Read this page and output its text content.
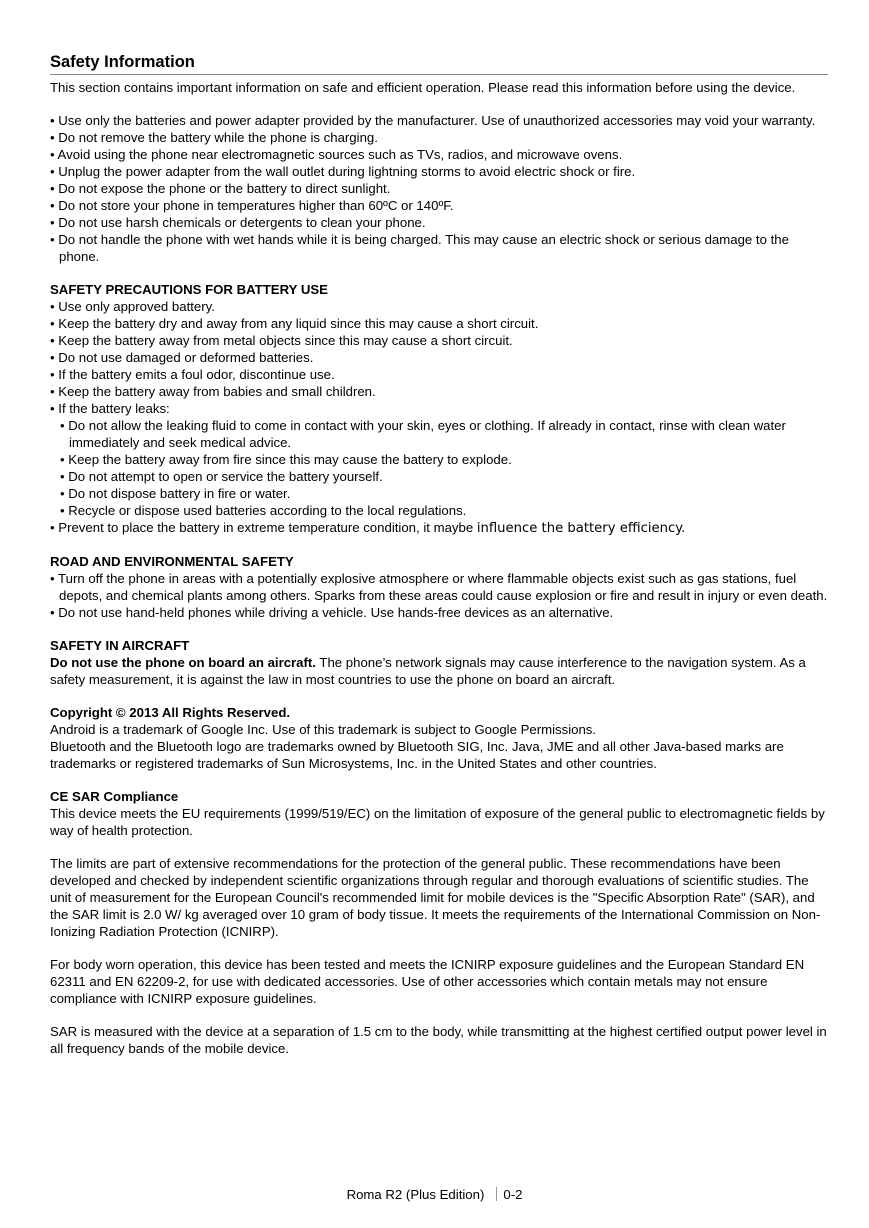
Safety Information

This section contains important information on safe and efficient operation. Please read this information before using the device.

• Use only the batteries and power adapter provided by the manufacturer. Use of unauthorized accessories may void your warranty.

• Do not remove the battery while the phone is charging.

• Avoid using the phone near electromagnetic sources such as TVs, radios, and microwave ovens.

• Unplug the power adapter from the wall outlet during lightning storms to avoid electric shock or fire.

• Do not expose the phone or the battery to direct sunlight.

• Do not store your phone in temperatures higher than 60ºC or 140ºF.

• Do not use harsh chemicals or detergents to clean your phone.

• Do not handle the phone with wet hands while it is being charged. This may cause an electric shock or serious damage to the phone.

SAFETY PRECAUTIONS FOR BATTERY USE

• Use only approved battery.

• Keep the battery dry and away from any liquid since this may cause a short circuit.

• Keep the battery away from metal objects since this may cause a short circuit.

• Do not use damaged or deformed batteries.

• If the battery emits a foul odor, discontinue use.

• Keep the battery away from babies and small children.

• If the battery leaks:

• Do not allow the leaking fluid to come in contact with your skin, eyes or clothing. If already in contact, rinse with clean water immediately and seek medical advice.

• Keep the battery away from fire since this may cause the battery to explode.

• Do not attempt to open or service the battery yourself.

• Do not dispose battery in fire or water.

• Recycle or dispose used batteries according to the local regulations.

• Prevent to place the battery in extreme temperature condition, it maybe influence the battery efficiency.

ROAD AND ENVIRONMENTAL SAFETY

• Turn off the phone in areas with a potentially explosive atmosphere or where flammable objects exist such as gas stations, fuel depots, and chemical plants among others. Sparks from these areas could cause explosion or fire and result in injury or even death.

• Do not use hand-held phones while driving a vehicle. Use hands-free devices as an alternative.

SAFETY IN AIRCRAFT

Do not use the phone on board an aircraft. The phone’s network signals may cause interference to the navigation system. As a safety measurement, it is against the law in most countries to use the phone on board an aircraft.

Copyright © 2013 All Rights Reserved.

Android is a trademark of Google Inc. Use of this trademark is subject to Google Permissions.

Bluetooth and the Bluetooth logo are trademarks owned by Bluetooth SIG, Inc. Java, JME and all other Java-based marks are trademarks or registered trademarks of Sun Microsystems, Inc. in the United States and other countries.

CE SAR Compliance

This device meets the EU requirements (1999/519/EC) on the limitation of exposure of the general public to electromagnetic fields by way of health protection.

The limits are part of extensive recommendations for the protection of the general public. These recommendations have been developed and checked by independent scientific organizations through regular and thorough evaluations of scientific studies. The unit of measurement for the European Council's recommended limit for mobile devices is the "Specific Absorption Rate" (SAR), and the SAR limit is 2.0 W/ kg averaged over 10 gram of body tissue. It meets the requirements of the International Commission on Non-Ionizing Radiation Protection (ICNIRP).

For body worn operation, this device has been tested and meets the ICNIRP exposure guidelines and the European Standard EN 62311 and EN 62209-2, for use with dedicated accessories. Use of other accessories which contain metals may not ensure compliance with ICNIRP exposure guidelines.

SAR is measured with the device at a separation of 1.5 cm to the body, while transmitting at the highest certified output power level in all frequency bands of the mobile device.

Roma R2 (Plus Edition) 0-2
